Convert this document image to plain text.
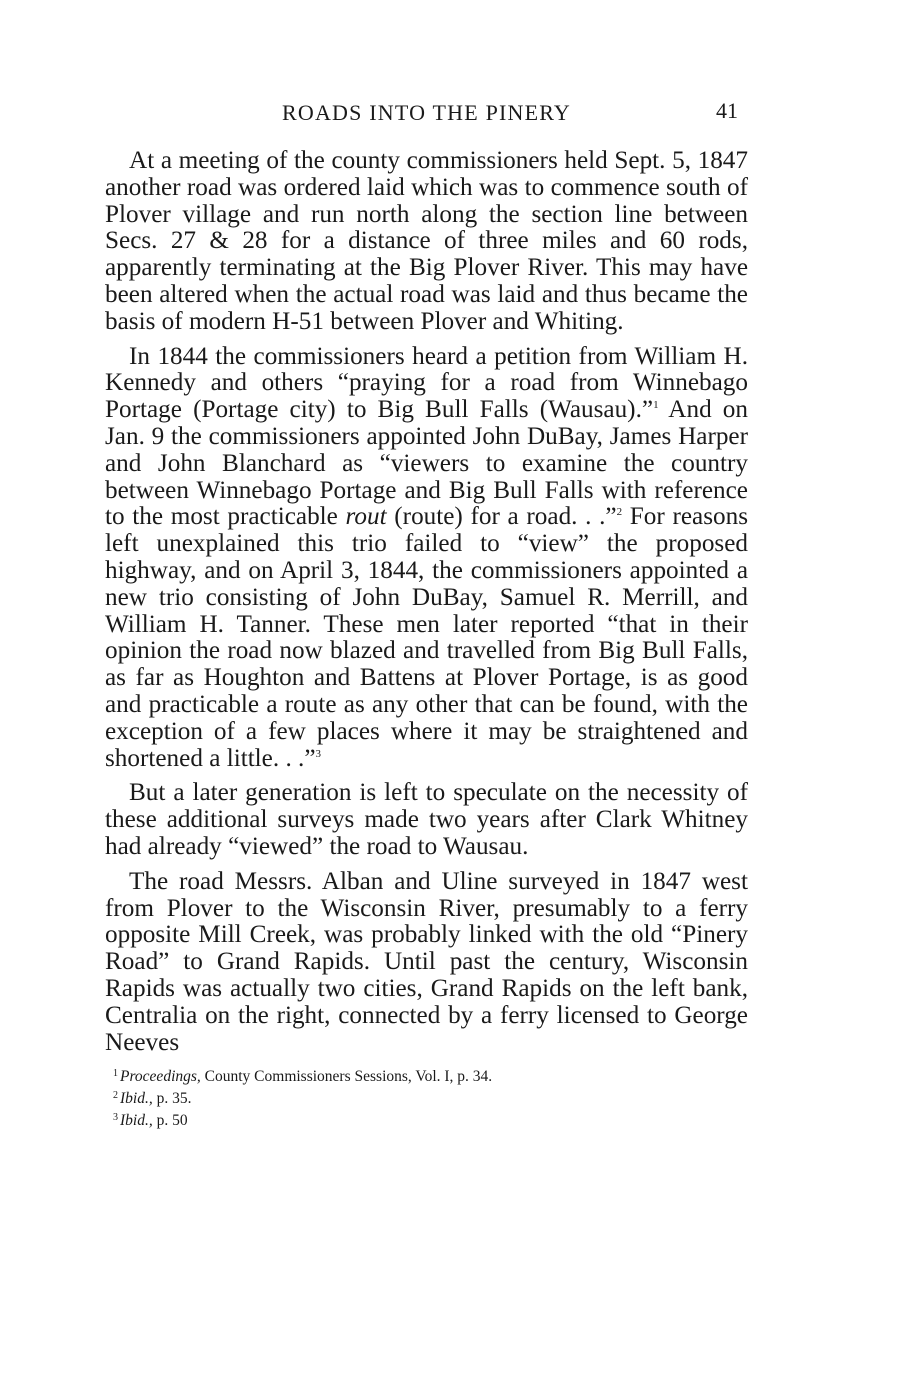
ROADS INTO THE PINERY	41

At a meeting of the county commissioners held Sept. 5, 1847 another road was ordered laid which was to commence south of Plover village and run north along the section line between Secs. 27 & 28 for a distance of three miles and 60 rods, apparently terminating at the Big Plover River. This may have been altered when the actual road was laid and thus became the basis of modern H-51 between Plover and Whiting.

In 1844 the commissioners heard a petition from William H. Kennedy and others “praying for a road from Winnebago Portage (Portage city) to Big Bull Falls (Wausau).”$^1$ And on Jan. 9 the commissioners appointed John DuBay, James Harper and John Blanchard as “viewers to examine the country between Winnebago Portage and Big Bull Falls with reference to the most practicable rout (route) for a road. . .”$^2$ For reasons left unexplained this trio failed to “view” the proposed highway, and on April 3, 1844, the commissioners appointed a new trio consisting of John DuBay, Samuel R. Merrill, and William H. Tanner. These men later reported “that in their opinion the road now blazed and travelled from Big Bull Falls, as far as Houghton and Battens at Plover Portage, is as good and practicable a route as any other that can be found, with the exception of a few places where it may be straightened and shortened a little. . .”$^3$

But a later generation is left to speculate on the necessity of these additional surveys made two years after Clark Whitney had already “viewed” the road to Wausau.

The road Messrs. Alban and Uline surveyed in 1847 west from Plover to the Wisconsin River, presumably to a ferry opposite Mill Creek, was probably linked with the old “Pinery Road” to Grand Rapids. Until past the century, Wisconsin Rapids was actually two cities, Grand Rapids on the left bank, Centralia on the right, connected by a ferry licensed to George Neeves

$^1$ Proceedings, County Commissioners Sessions, Vol. I, p. 34.
$^2$ Ibid., p. 35.
$^3$ Ibid., p. 50
